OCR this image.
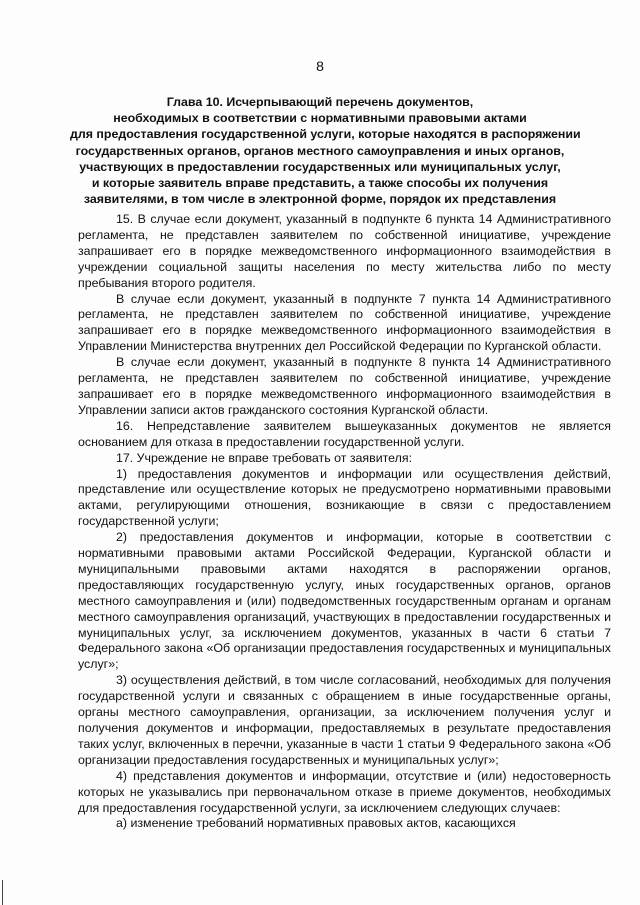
8
Глава 10. Исчерпывающий перечень документов,
необходимых в соответствии с нормативными правовыми актами
для предоставления государственной услуги, которые находятся в распоряжении
государственных органов, органов местного самоуправления и иных органов,
участвующих в предоставлении государственных или муниципальных услуг,
и которые заявитель вправе представить, а также способы их получения
заявителями, в том числе в электронной форме, порядок их представления

15. В случае если документ, указанный в подпункте 6 пункта 14 Административного регламента, не представлен заявителем по собственной инициативе, учреждение запрашивает его в порядке межведомственного информационного взаимодействия в учреждении социальной защиты населения по месту жительства либо по месту пребывания второго родителя.

В случае если документ, указанный в подпункте 7 пункта 14 Административного регламента, не представлен заявителем по собственной инициативе, учреждение запрашивает его в порядке межведомственного информационного взаимодействия в Управлении Министерства внутренних дел Российской Федерации по Курганской области.

В случае если документ, указанный в подпункте 8 пункта 14 Административного регламента, не представлен заявителем по собственной инициативе, учреждение запрашивает его в порядке межведомственного информационного взаимодействия в Управлении записи актов гражданского состояния Курганской области.

16. Непредставление заявителем вышеуказанных документов не является основанием для отказа в предоставлении государственной услуги.

17. Учреждение не вправе требовать от заявителя:

1) предоставления документов и информации или осуществления действий, представление или осуществление которых не предусмотрено нормативными правовыми актами, регулирующими отношения, возникающие в связи с предоставлением государственной услуги;

2) предоставления документов и информации, которые в соответствии с нормативными правовыми актами Российской Федерации, Курганской области и муниципальными правовыми актами находятся в распоряжении органов, предоставляющих государственную услугу, иных государственных органов, органов местного самоуправления и (или) подведомственных государственным органам и органам местного самоуправления организаций, участвующих в предоставлении государственных и муниципальных услуг, за исключением документов, указанных в части 6 статьи 7 Федерального закона «Об организации предоставления государственных и муниципальных услуг»;

3) осуществления действий, в том числе согласований, необходимых для получения государственной услуги и связанных с обращением в иные государственные органы, органы местного самоуправления, организации, за исключением получения услуг и получения документов и информации, предоставляемых в результате предоставления таких услуг, включенных в перечни, указанные в части 1 статьи 9 Федерального закона «Об организации предоставления государственных и муниципальных услуг»;

4) представления документов и информации, отсутствие и (или) недостоверность которых не указывались при первоначальном отказе в приеме документов, необходимых для предоставления государственной услуги, за исключением следующих случаев:

а) изменение требований нормативных правовых актов, касающихся
